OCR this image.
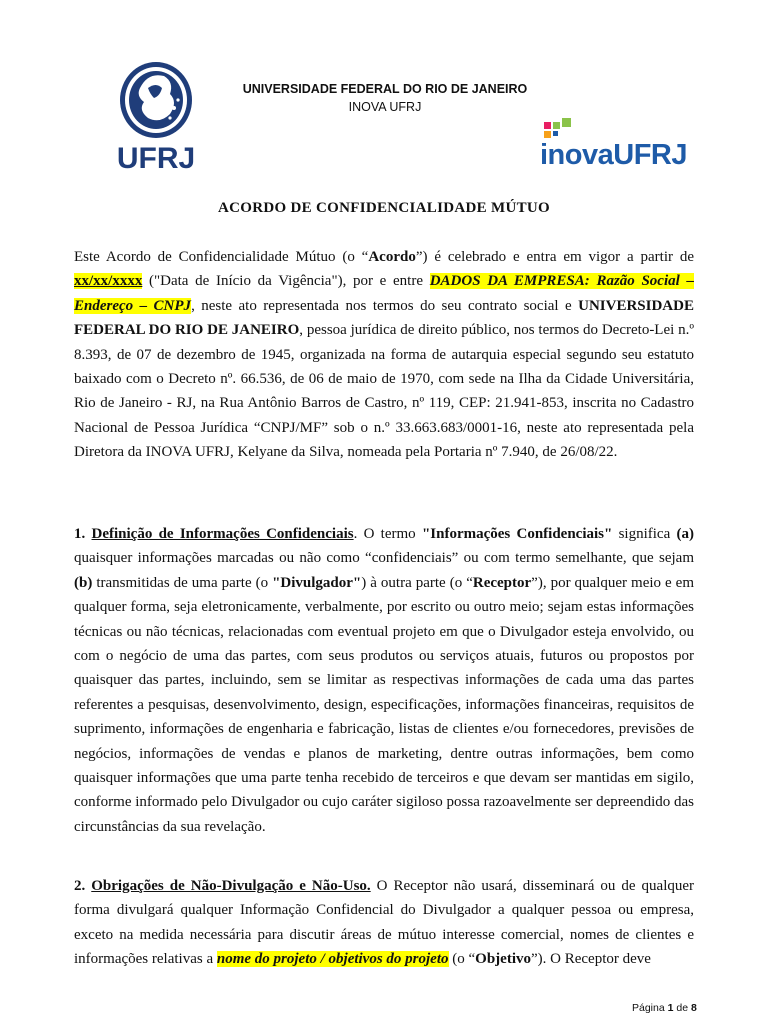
UFRJ
UNIVERSIDADE FEDERAL DO RIO DE JANEIRO
INOVA UFRJ
inovaUFRJ
ACORDO DE CONFIDENCIALIDADE MÚTUO
Este Acordo de Confidencialidade Mútuo (o “Acordo”) é celebrado e entra em vigor a partir de xx/xx/xxxx ("Data de Início da Vigência"), por e entre DADOS DA EMPRESA: Razão Social – Endereço – CNPJ, neste ato representada nos termos do seu contrato social e UNIVERSIDADE FEDERAL DO RIO DE JANEIRO, pessoa jurídica de direito público, nos termos do Decreto-Lei n.º 8.393, de 07 de dezembro de 1945, organizada na forma de autarquia especial segundo seu estatuto baixado com o Decreto nº. 66.536, de 06 de maio de 1970, com sede na Ilha da Cidade Universitária, Rio de Janeiro - RJ, na Rua Antônio Barros de Castro, nº 119, CEP: 21.941-853, inscrita no Cadastro Nacional de Pessoa Jurídica “CNPJ/MF” sob o n.º 33.663.683/0001-16, neste ato representada pela Diretora da INOVA UFRJ, Kelyane da Silva, nomeada pela Portaria nº 7.940, de 26/08/22.
1. Definição de Informações Confidenciais. O termo "Informações Confidenciais" significa (a) quaisquer informações marcadas ou não como “confidenciais” ou com termo semelhante, que sejam (b) transmitidas de uma parte (o "Divulgador") à outra parte (o “Receptor”), por qualquer meio e em qualquer forma, seja eletronicamente, verbalmente, por escrito ou outro meio; sejam estas informações técnicas ou não técnicas, relacionadas com eventual projeto em que o Divulgador esteja envolvido, ou com o negócio de uma das partes, com seus produtos ou serviços atuais, futuros ou propostos por quaisquer das partes, incluindo, sem se limitar as respectivas informações de cada uma das partes referentes a pesquisas, desenvolvimento, design, especificações, informações financeiras, requisitos de suprimento, informações de engenharia e fabricação, listas de clientes e/ou fornecedores, previsões de negócios, informações de vendas e planos de marketing, dentre outras informações, bem como quaisquer informações que uma parte tenha recebido de terceiros e que devam ser mantidas em sigilo, conforme informado pelo Divulgador ou cujo caráter sigiloso possa razoavelmente ser depreendido das circunstâncias da sua revelação.
2. Obrigações de Não-Divulgação e Não-Uso. O Receptor não usará, disseminará ou de qualquer forma divulgará qualquer Informação Confidencial do Divulgador a qualquer pessoa ou empresa, exceto na medida necessária para discutir áreas de mútuo interesse comercial, nomes de clientes e informações relativas a nome do projeto / objetivos do projeto (o “Objetivo”). O Receptor deve
Página 1 de 8
